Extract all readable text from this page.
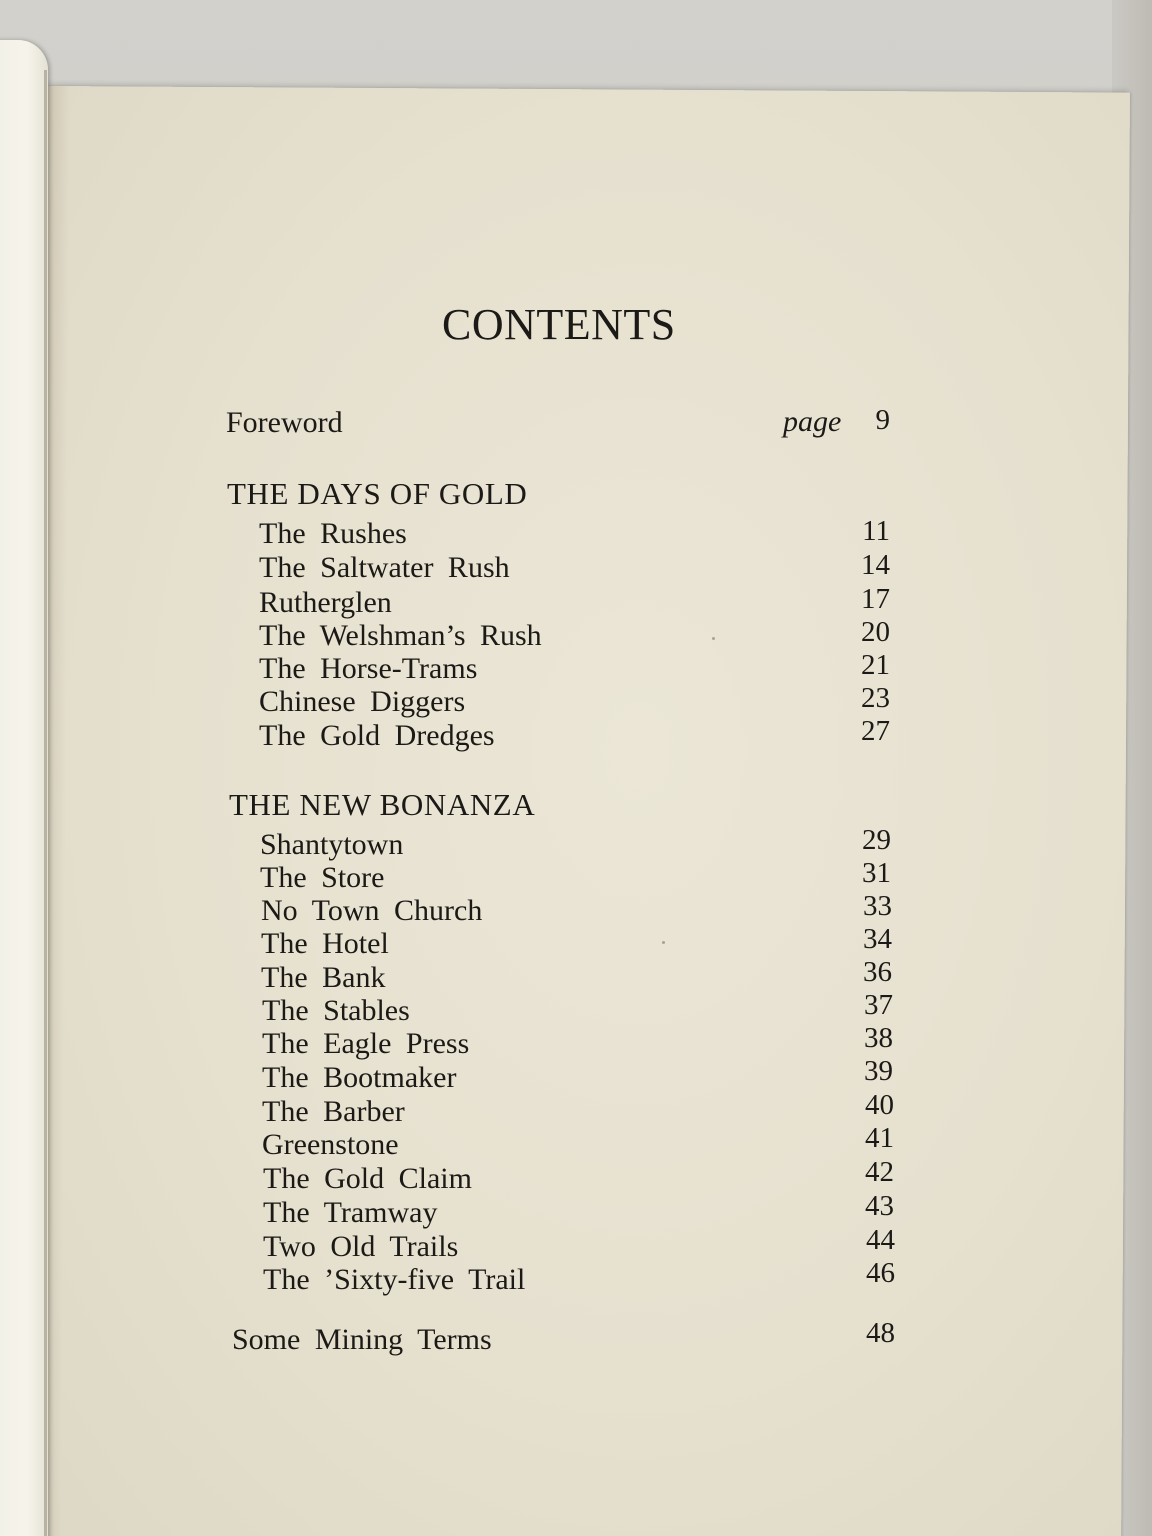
CONTENTS
Foreword	page	9
THE DAYS OF GOLD
The Rushes	11
The Saltwater Rush	14
Rutherglen	17
The Welshman’s Rush	20
The Horse-Trams	21
Chinese Diggers	23
The Gold Dredges	27
THE NEW BONANZA
Shantytown	29
The Store	31
No Town Church	33
The Hotel	34
The Bank	36
The Stables	37
The Eagle Press	38
The Bootmaker	39
The Barber	40
Greenstone	41
The Gold Claim	42
The Tramway	43
Two Old Trails	44
The ’Sixty-five Trail	46
Some Mining Terms	48
